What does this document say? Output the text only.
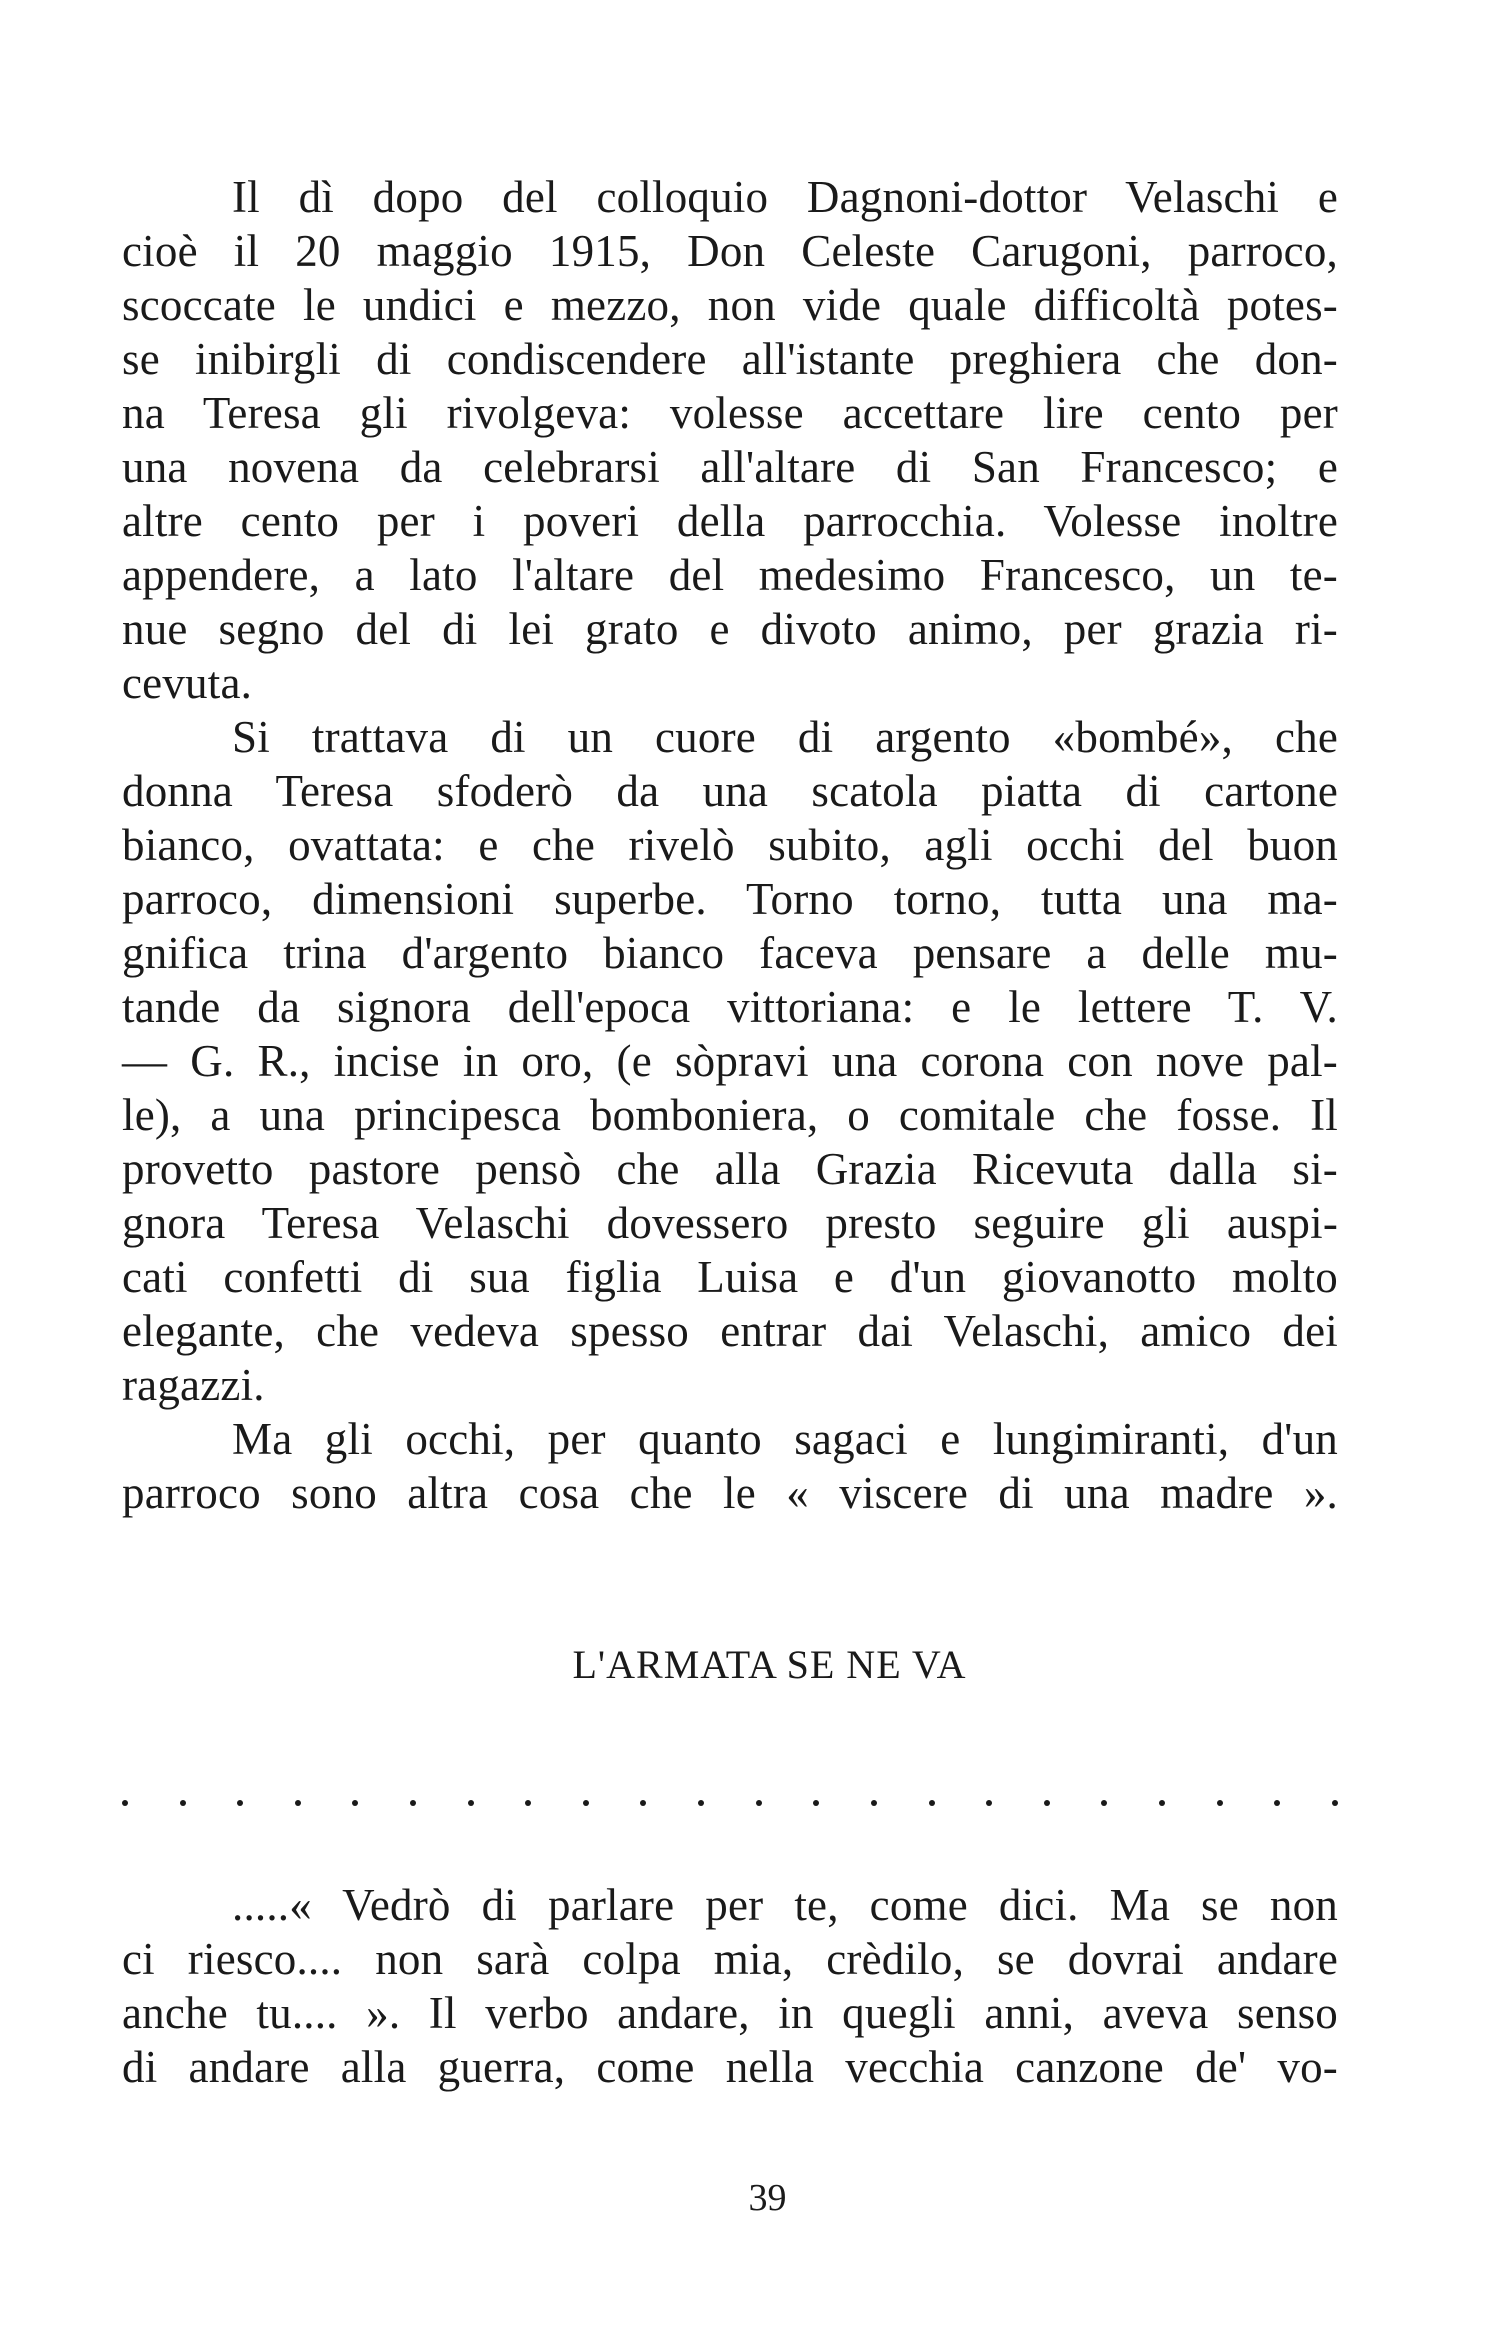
Il dì dopo del colloquio Dagnoni-dottor Velaschi e
cioè il 20 maggio 1915, Don Celeste Carugoni, parroco,
scoccate le undici e mezzo, non vide quale difficoltà potes-
se inibirgli di condiscendere all'istante preghiera che don-
na Teresa gli rivolgeva: volesse accettare lire cento per
una novena da celebrarsi all'altare di San Francesco; e
altre cento per i poveri della parrocchia. Volesse inoltre
appendere, a lato l'altare del medesimo Francesco, un te-
nue segno del di lei grato e divoto animo, per grazia ri-
cevuta.
Si trattava di un cuore di argento «bombé», che
donna Teresa sfoderò da una scatola piatta di cartone
bianco, ovattata: e che rivelò subito, agli occhi del buon
parroco, dimensioni superbe. Torno torno, tutta una ma-
gnifica trina d'argento bianco faceva pensare a delle mu-
tande da signora dell'epoca vittoriana: e le lettere T. V.
— G. R., incise in oro, (e sòpravi una corona con nove pal-
le), a una principesca bomboniera, o comitale che fosse. Il
provetto pastore pensò che alla Grazia Ricevuta dalla si-
gnora Teresa Velaschi dovessero presto seguire gli auspi-
cati confetti di sua figlia Luisa e d'un giovanotto molto
elegante, che vedeva spesso entrar dai Velaschi, amico dei
ragazzi.
Ma gli occhi, per quanto sagaci e lungimiranti, d'un
parroco sono altra cosa che le « viscere di una madre ».
L'ARMATA SE NE VA
.....« Vedrò di parlare per te, come dici. Ma se non
ci riesco.... non sarà colpa mia, crèdilo, se dovrai andare
anche tu.... ». Il verbo andare, in quegli anni, aveva senso
di andare alla guerra, come nella vecchia canzone de' vo-
39
